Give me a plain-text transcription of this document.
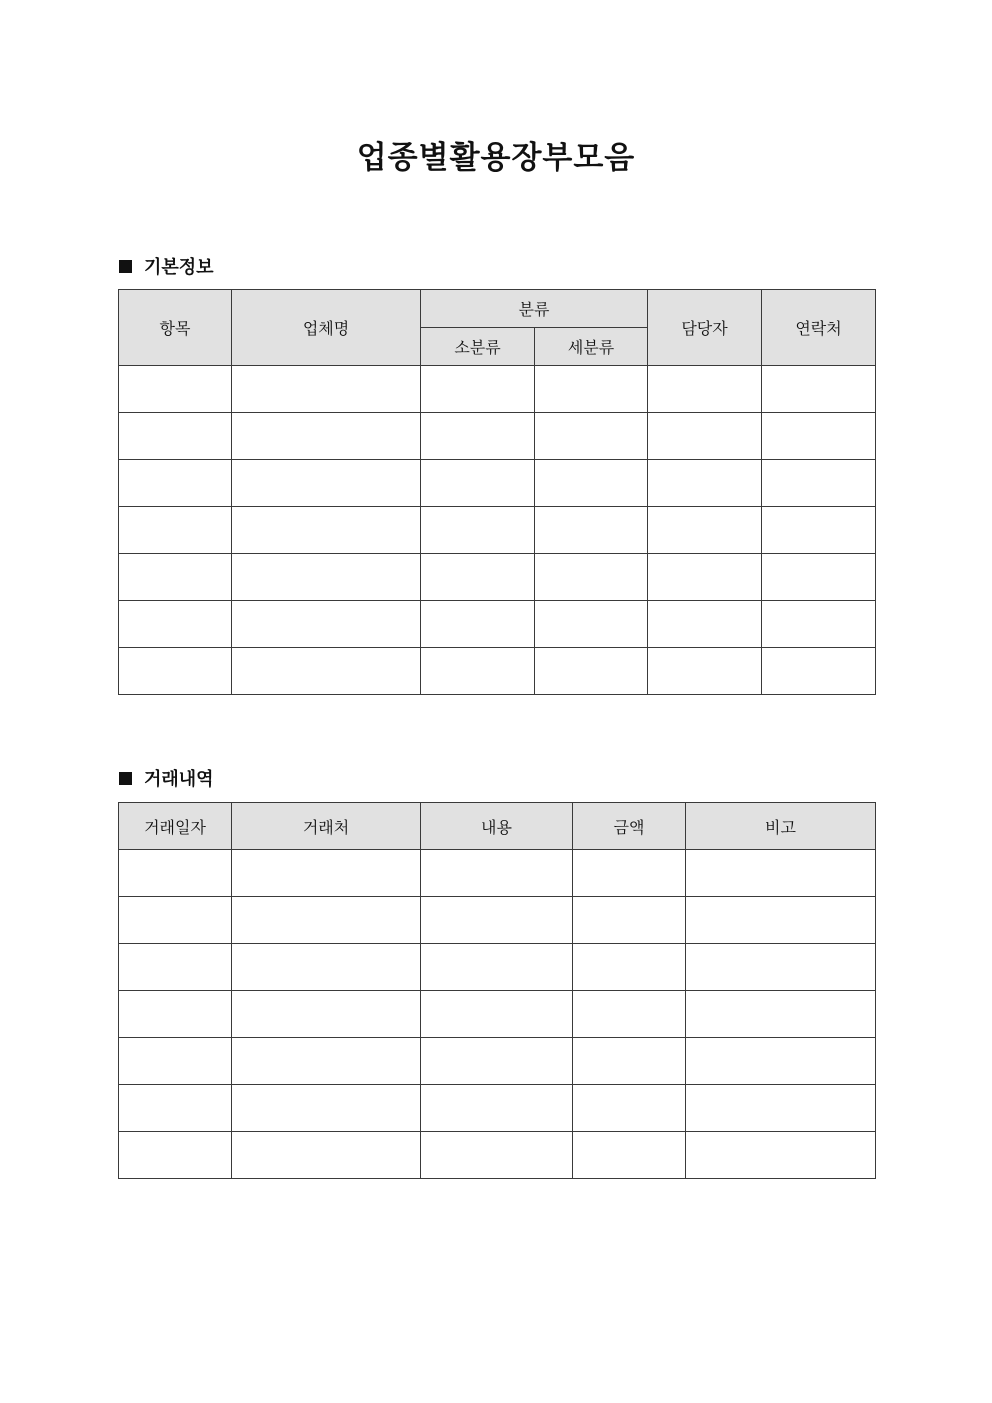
업종별활용장부모음
기본정보
항목	업체명	분류		담당자	연락처
		소분류	세분류		

거래내역
거래일자	거래처	내용	금액	비고
